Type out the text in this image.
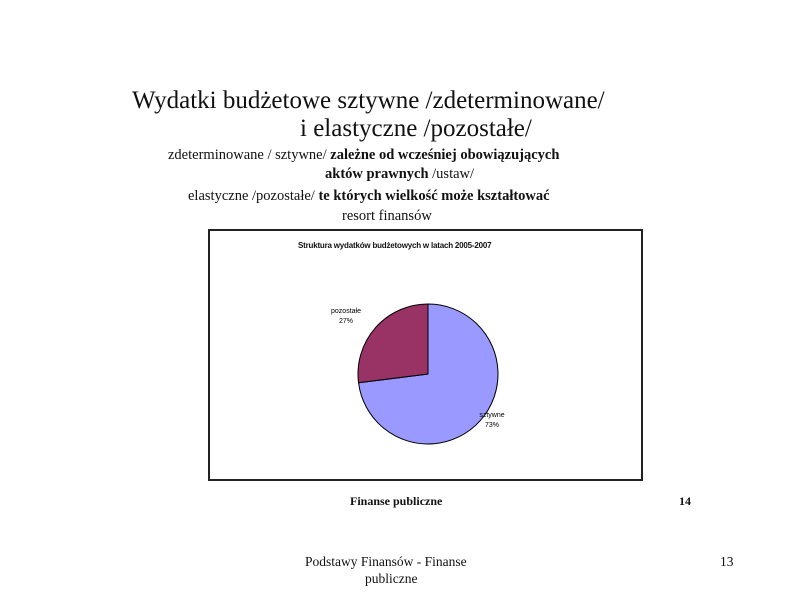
Wydatki budżetowe sztywne /zdeterminowane/
i elastyczne /pozostałe/
zdeterminowane / sztywne/ zależne od wcześniej obowiązujących
aktów prawnych /ustaw/
elastyczne /pozostałe/ te których wielkość może kształtować
resort finansów
Struktura wydatków budżetowych w latach 2005-2007
sztywne
73%
pozostałe
27%
Finanse publiczne	14
Podstawy Finansów - Finanse
publiczne
13
